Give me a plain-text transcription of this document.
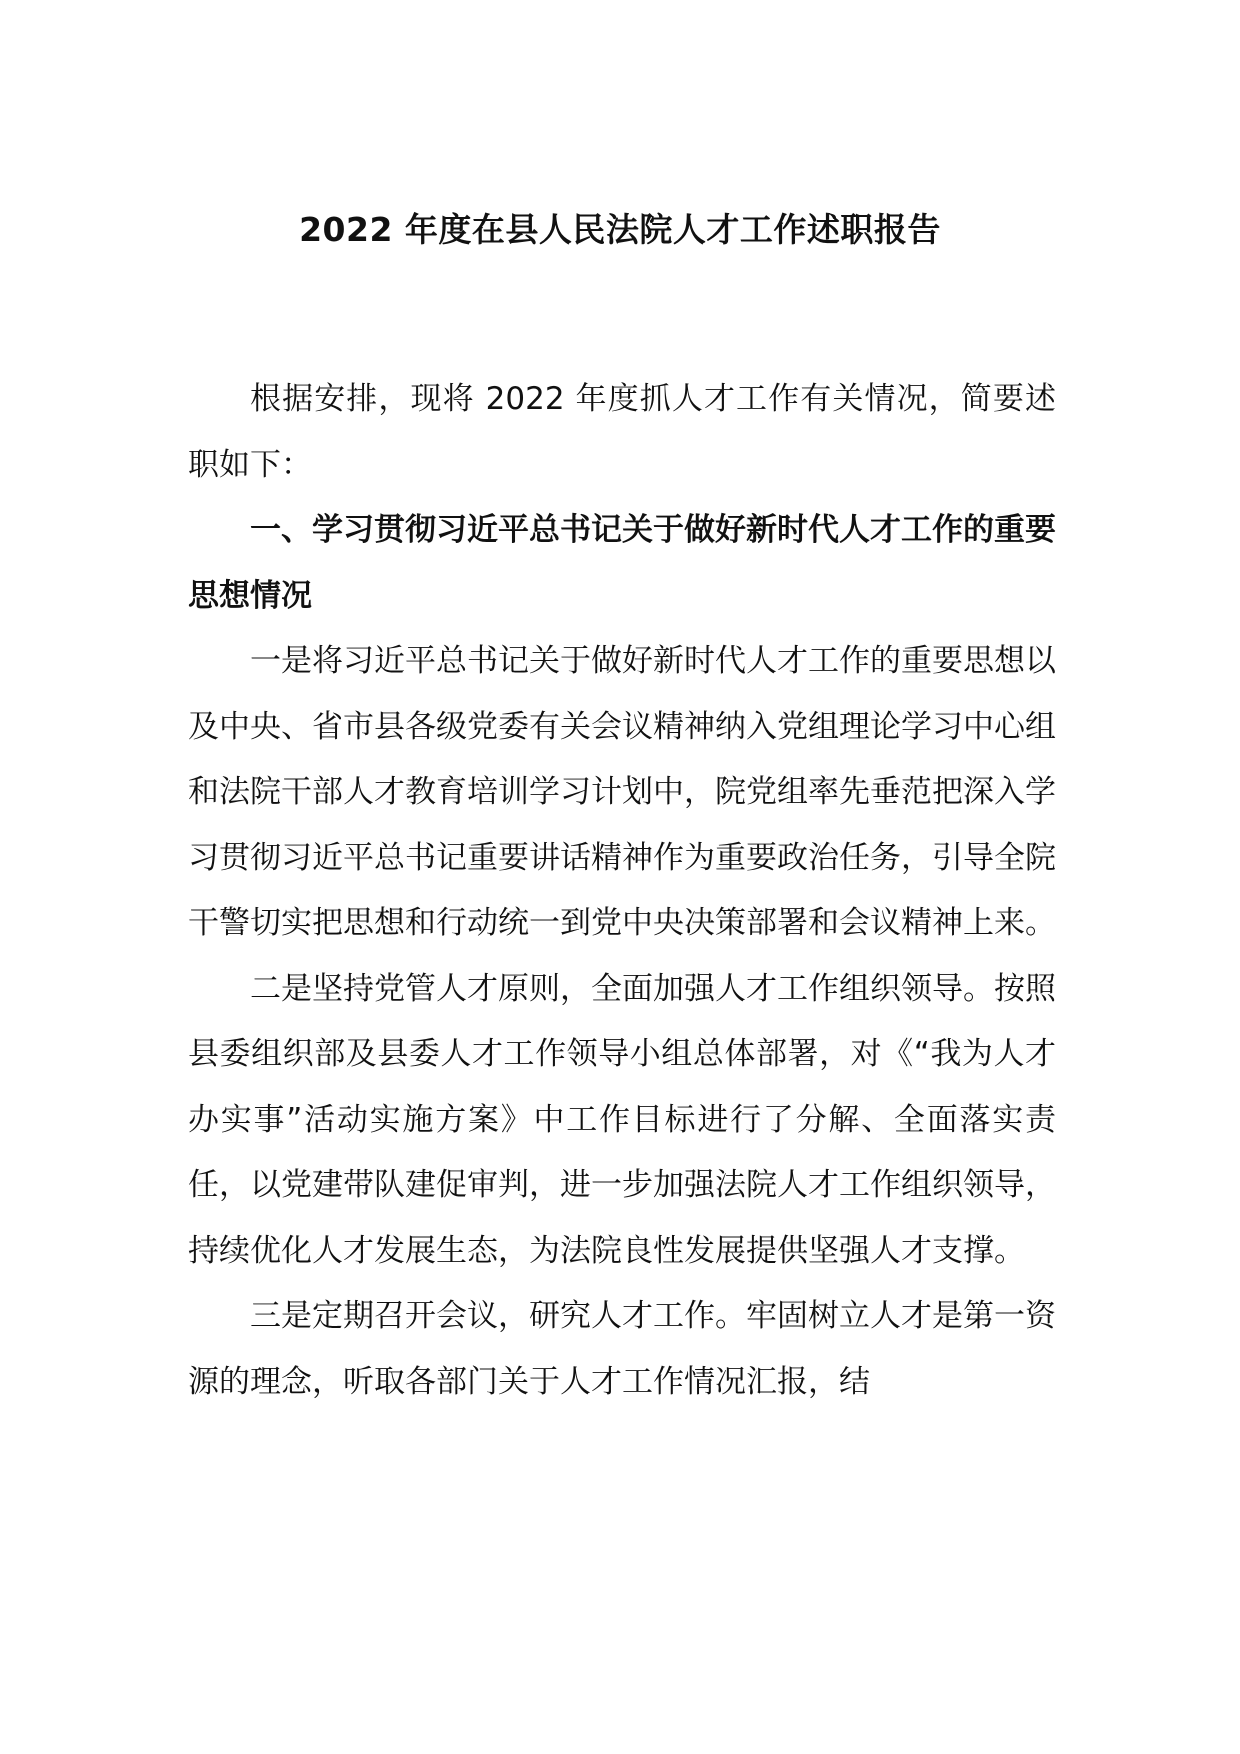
2022 年度在县人民法院人才工作述职报告

根据安排，现将 2022 年度抓人才工作有关情况，简要述职如下：

一、学习贯彻习近平总书记关于做好新时代人才工作的重要思想情况

一是将习近平总书记关于做好新时代人才工作的重要思想以及中央、省市县各级党委有关会议精神纳入党组理论学习中心组和法院干部人才教育培训学习计划中，院党组率先垂范把深入学习贯彻习近平总书记重要讲话精神作为重要政治任务，引导全院干警切实把思想和行动统一到党中央决策部署和会议精神上来。

二是坚持党管人才原则，全面加强人才工作组织领导。按照县委组织部及县委人才工作领导小组总体部署，对《“我为人才办实事”活动实施方案》中工作目标进行了分解、全面落实责任，以党建带队建促审判，进一步加强法院人才工作组织领导，持续优化人才发展生态，为法院良性发展提供坚强人才支撑。

三是定期召开会议，研究人才工作。牢固树立人才是第一资源的理念，听取各部门关于人才工作情况汇报，结
